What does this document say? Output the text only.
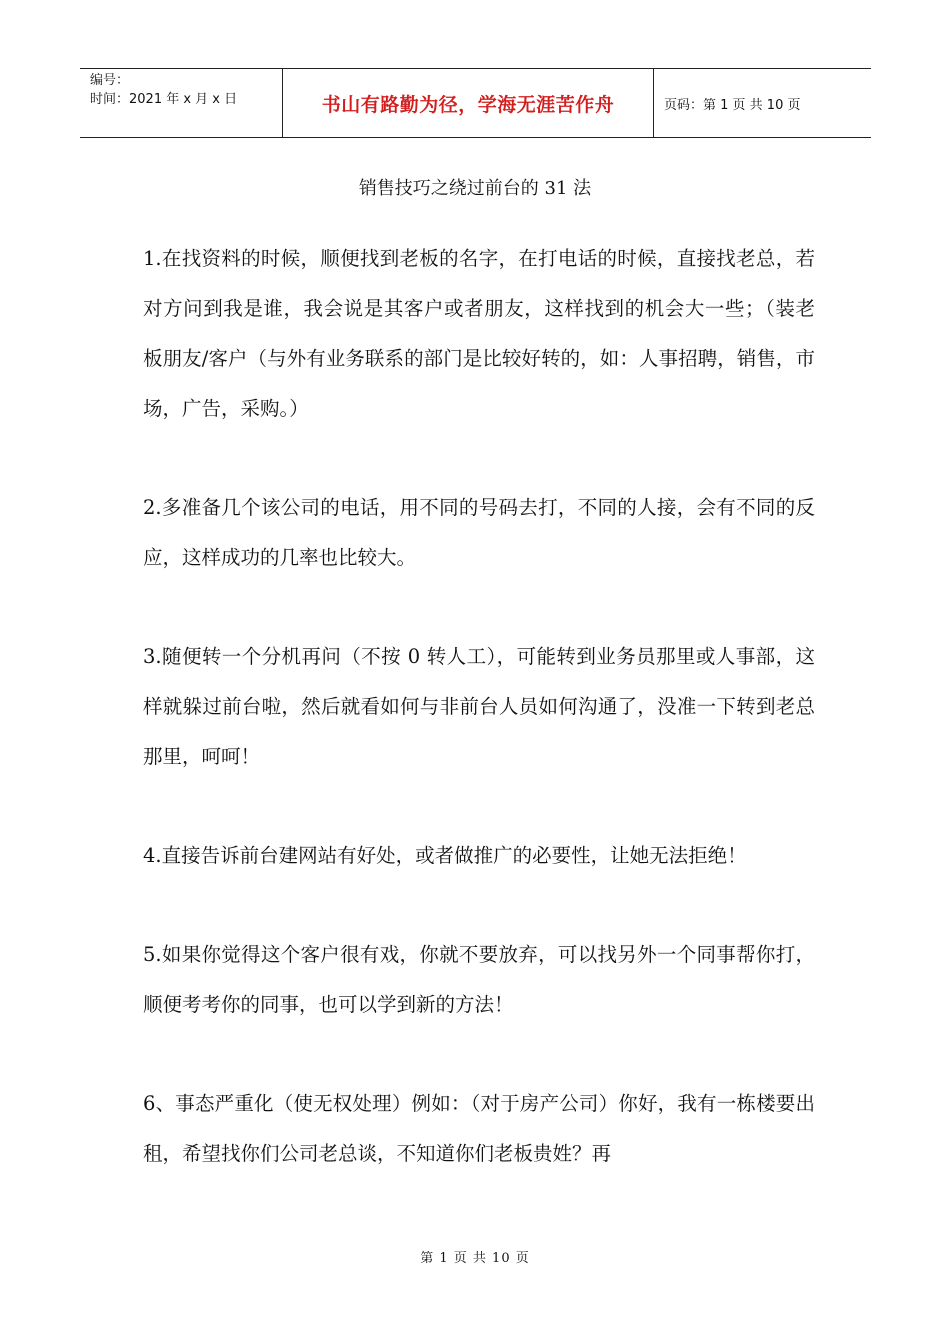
编号：
时间：2021 年 x 月 x 日	书山有路勤为径，学海无涯苦作舟	页码：第 1 页 共 10 页
销售技巧之绕过前台的 31 法

1.在找资料的时候，顺便找到老板的名字，在打电话的时候，直接找老总，若对方问到我是谁，我会说是其客户或者朋友，这样找到的机会大一些；（装老板朋友/客户（与外有业务联系的部门是比较好转的，如：人事招聘，销售，市场，广告，采购。）

2.多准备几个该公司的电话，用不同的号码去打，不同的人接，会有不同的反应，这样成功的几率也比较大。

3.随便转一个分机再问（不按 0 转人工），可能转到业务员那里或人事部，这样就躲过前台啦，然后就看如何与非前台人员如何沟通了，没准一下转到老总那里，呵呵！

4.直接告诉前台建网站有好处，或者做推广的必要性，让她无法拒绝！

5.如果你觉得这个客户很有戏，你就不要放弃，可以找另外一个同事帮你打，顺便考考你的同事，也可以学到新的方法！

6、事态严重化（使无权处理）例如：（对于房产公司）你好，我有一栋楼要出租，希望找你们公司老总谈，不知道你们老板贵姓？再

第 1 页 共 10 页
